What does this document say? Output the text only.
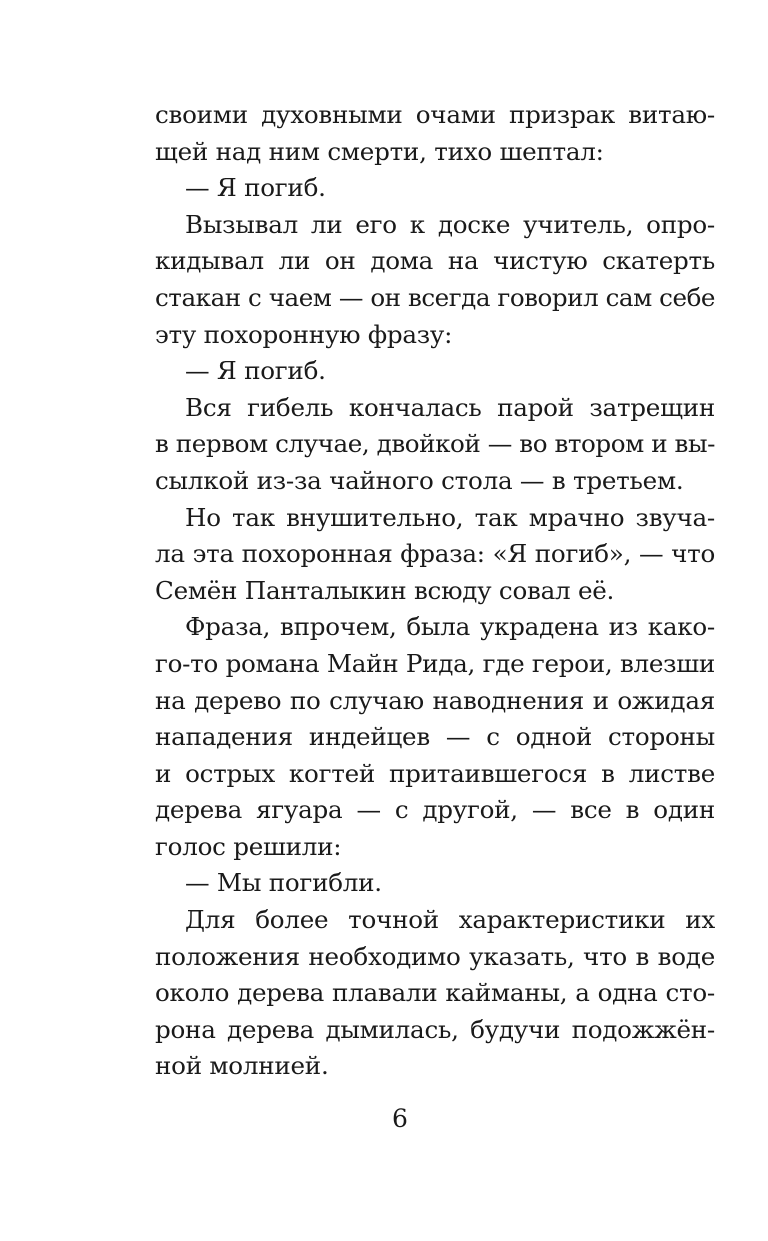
своими духовными очами призрак витаю-
щей над ним смерти, тихо шептал:
— Я погиб.
Вызывал ли его к доске учитель, опро-
кидывал ли он дома на чистую скатерть
стакан с чаем — он всегда говорил сам себе
эту похоронную фразу:
— Я погиб.
Вся гибель кончалась парой затрещин
в первом случае, двойкой — во втором и вы-
сылкой из-за чайного стола — в третьем.
Но так внушительно, так мрачно звуча-
ла эта похоронная фраза: «Я погиб», — что
Семён Панталыкин всюду совал её.
Фраза, впрочем, была украдена из како-
го-то романа Майн Рида, где герои, влезши
на дерево по случаю наводнения и ожидая
нападения индейцев — с одной стороны
и острых когтей притаившегося в листве
дерева ягуара — с другой, — все в один
голос решили:
— Мы погибли.
Для более точной характеристики их
положения необходимо указать, что в воде
около дерева плавали кайманы, а одна сто-
рона дерева дымилась, будучи подожжён-
ной молнией.
6
